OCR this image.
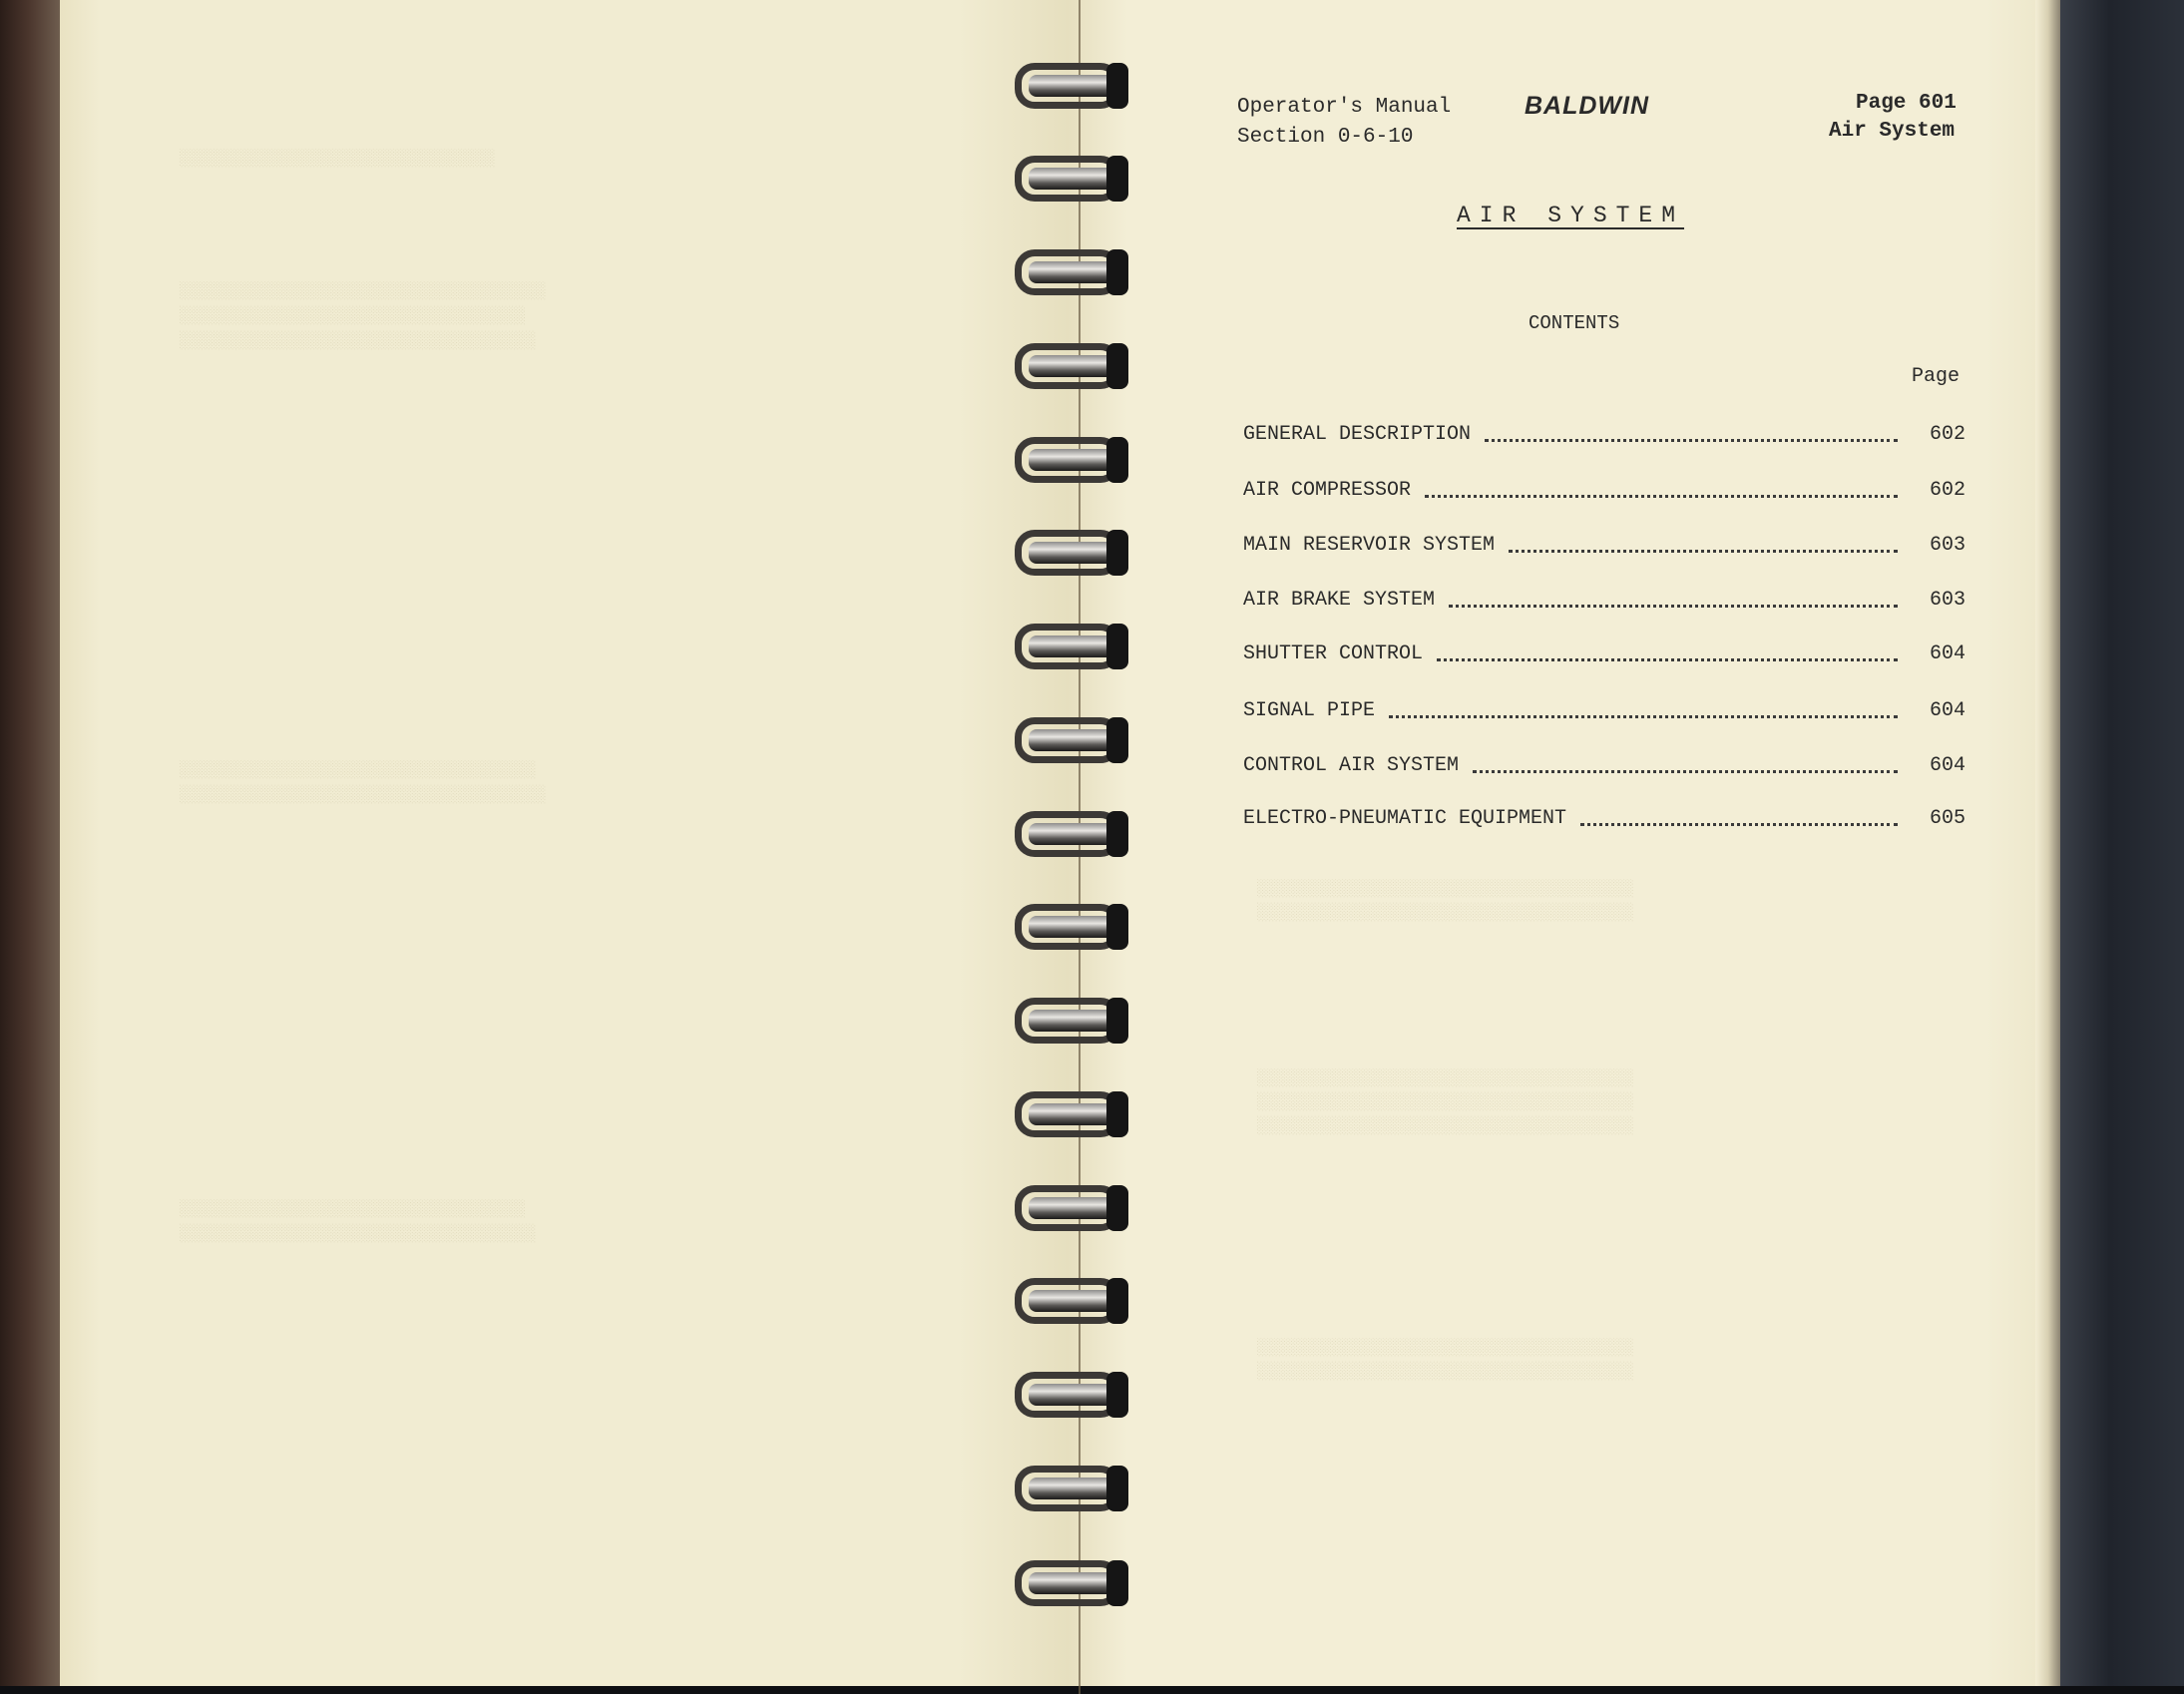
░░░░░░░░░░░░░░░░░░░░░░░░░░░░░░░
░░░░░░░░░░░░░░░░░░░░░░░░░░░░░░░░░░░░
░░░░░░░░░░░░░░░░░░░░░░░░░░░░░░░░░░
░░░░░░░░░░░░░░░░░░░░░░░░░░░░░░░░░░░
░░░░░░░░░░░░░░░░░░░░░░░░░░░░░░░░░░░
░░░░░░░░░░░░░░░░░░░░░░░░░░░░░░░░░░░░
░░░░░░░░░░░░░░░░░░░░░░░░░░░░░░░░░░
░░░░░░░░░░░░░░░░░░░░░░░░░░░░░░░░░░░
░░░░░░░░░░░░░░░░░░░░░░░░░░░░░░░░░░░░░
░░░░░░░░░░░░░░░░░░░░░░░░░░░░░░░░░░░░░
░░░░░░░░░░░░░░░░░░░░░░░░░░░░░░░░░░░░░
░░░░░░░░░░░░░░░░░░░░░░░░░░░░░░░░░░░░░
░░░░░░░░░░░░░░░░░░░░░░░░░░░░░░░░░░░░░
░░░░░░░░░░░░░░░░░░░░░░░░░░░░░░░░░░░░░
░░░░░░░░░░░░░░░░░░░░░░░░░░░░░░░░░░░░░
Operator's Manual
Section 0-6-10
BALDWIN	Page 601
Air System
AIR SYSTEM
CONTENTS
Page
GENERAL DESCRIPTION	602
AIR COMPRESSOR	602
MAIN RESERVOIR SYSTEM	603
AIR BRAKE SYSTEM	603
SHUTTER CONTROL	604
SIGNAL PIPE	604
CONTROL AIR SYSTEM	604
ELECTRO-PNEUMATIC EQUIPMENT	605
